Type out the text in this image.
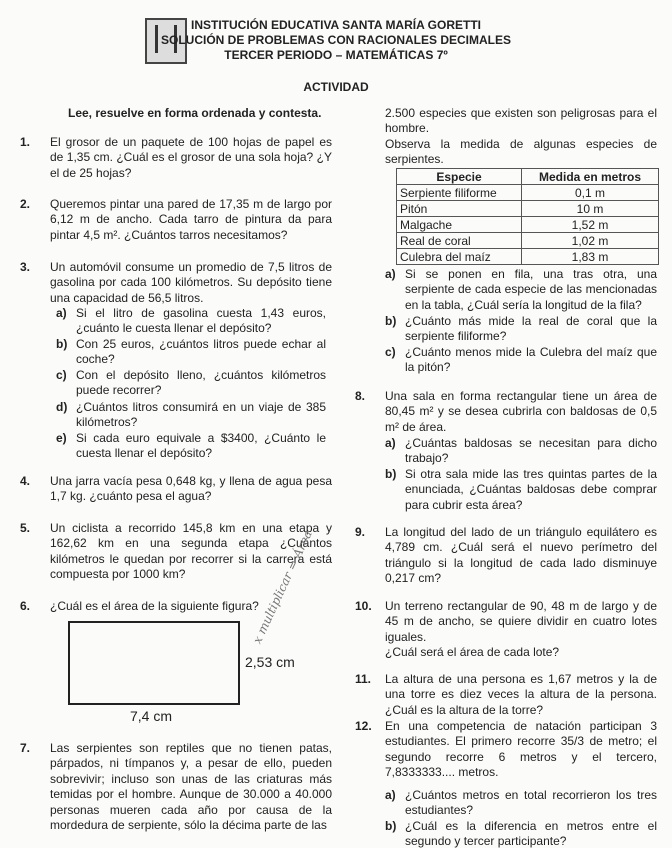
INSTITUCIÓN EDUCATIVA SANTA MARÍA GORETTI
SOLUCIÓN DE PROBLEMAS CON RACIONALES DECIMALES
TERCER PERIODO – MATEMÁTICAS 7º
ACTIVIDAD
Lee, resuelve en forma ordenada y contesta.
1. El grosor de un paquete de 100 hojas de papel es de 1,35 cm. ¿Cuál es el grosor de una sola hoja? ¿Y el de 25 hojas?
2. Queremos pintar una pared de 17,35 m de largo por 6,12 m de ancho. Cada tarro de pintura da para pintar 4,5 m². ¿Cuántos tarros necesitamos?
3. Un automóvil consume un promedio de 7,5 litros de gasolina por cada 100 kilómetros. Su depósito tiene una capacidad de 56,5 litros.
a) Si el litro de gasolina cuesta 1,43 euros, ¿cuánto le cuesta llenar el depósito?
b) Con 25 euros, ¿cuántos litros puede echar al coche?
c) Con el depósito lleno, ¿cuántos kilómetros puede recorrer?
d) ¿Cuántos litros consumirá en un viaje de 385 kilómetros?
e) Si cada euro equivale a $3400, ¿Cuánto le cuesta llenar el depósito?
4. Una jarra vacía pesa 0,648 kg, y llena de agua pesa 1,7 kg. ¿cuánto pesa el agua?
5. Un ciclista a recorrido 145,8 km en una etapa y 162,62 km en una segunda etapa ¿Cuántos kilómetros le quedan por recorrer si la carrera está compuesta por 1000 km?
6. ¿Cuál es el área de la siguiente figura?
2,53 cm
7,4 cm
x multiplicar = Área
7. Las serpientes son reptiles que no tienen patas, párpados, ni tímpanos y, a pesar de ello, pueden sobrevivir; incluso son unas de las criaturas más temidas por el hombre. Aunque de 30.000 a 40.000 personas mueren cada año por causa de la mordedura de serpiente, sólo la décima parte de las
2.500 especies que existen son peligrosas para el hombre.
Observa la medida de algunas especies de serpientes.
Especie	Medida en metros
Serpiente filiforme	0,1 m
Pitón	10 m
Malgache	1,52 m
Real de coral	1,02 m
Culebra del maíz	1,83 m
a) Si se ponen en fila, una tras otra, una serpiente de cada especie de las mencionadas en la tabla, ¿Cuál sería la longitud de la fila?
b) ¿Cuánto más mide la real de coral que la serpiente filiforme?
c) ¿Cuánto menos mide la Culebra del maíz que la pitón?
8. Una sala en forma rectangular tiene un área de 80,45 m² y se desea cubrirla con baldosas de 0,5 m² de área.
a) ¿Cuántas baldosas se necesitan para dicho trabajo?
b) Si otra sala mide las tres quintas partes de la enunciada, ¿Cuántas baldosas debe comprar para cubrir esta área?
9. La longitud del lado de un triángulo equilátero es 4,789 cm. ¿Cuál será el nuevo perímetro del triángulo si la longitud de cada lado disminuye 0,217 cm?
10. Un terreno rectangular de 90, 48 m de largo y de 45 m de ancho, se quiere dividir en cuatro lotes iguales.
¿Cuál será el área de cada lote?
11. La altura de una persona es 1,67 metros y la de una torre es diez veces la altura de la persona. ¿Cuál es la altura de la torre?
12. En una competencia de natación participan 3 estudiantes. El primero recorre 35/3 de metro; el segundo recorre 6 metros y el tercero, 7,8333333.... metros.
a) ¿Cuántos metros en total recorrieron los tres estudiantes?
b) ¿Cuál es la diferencia en metros entre el segundo y tercer participante?
